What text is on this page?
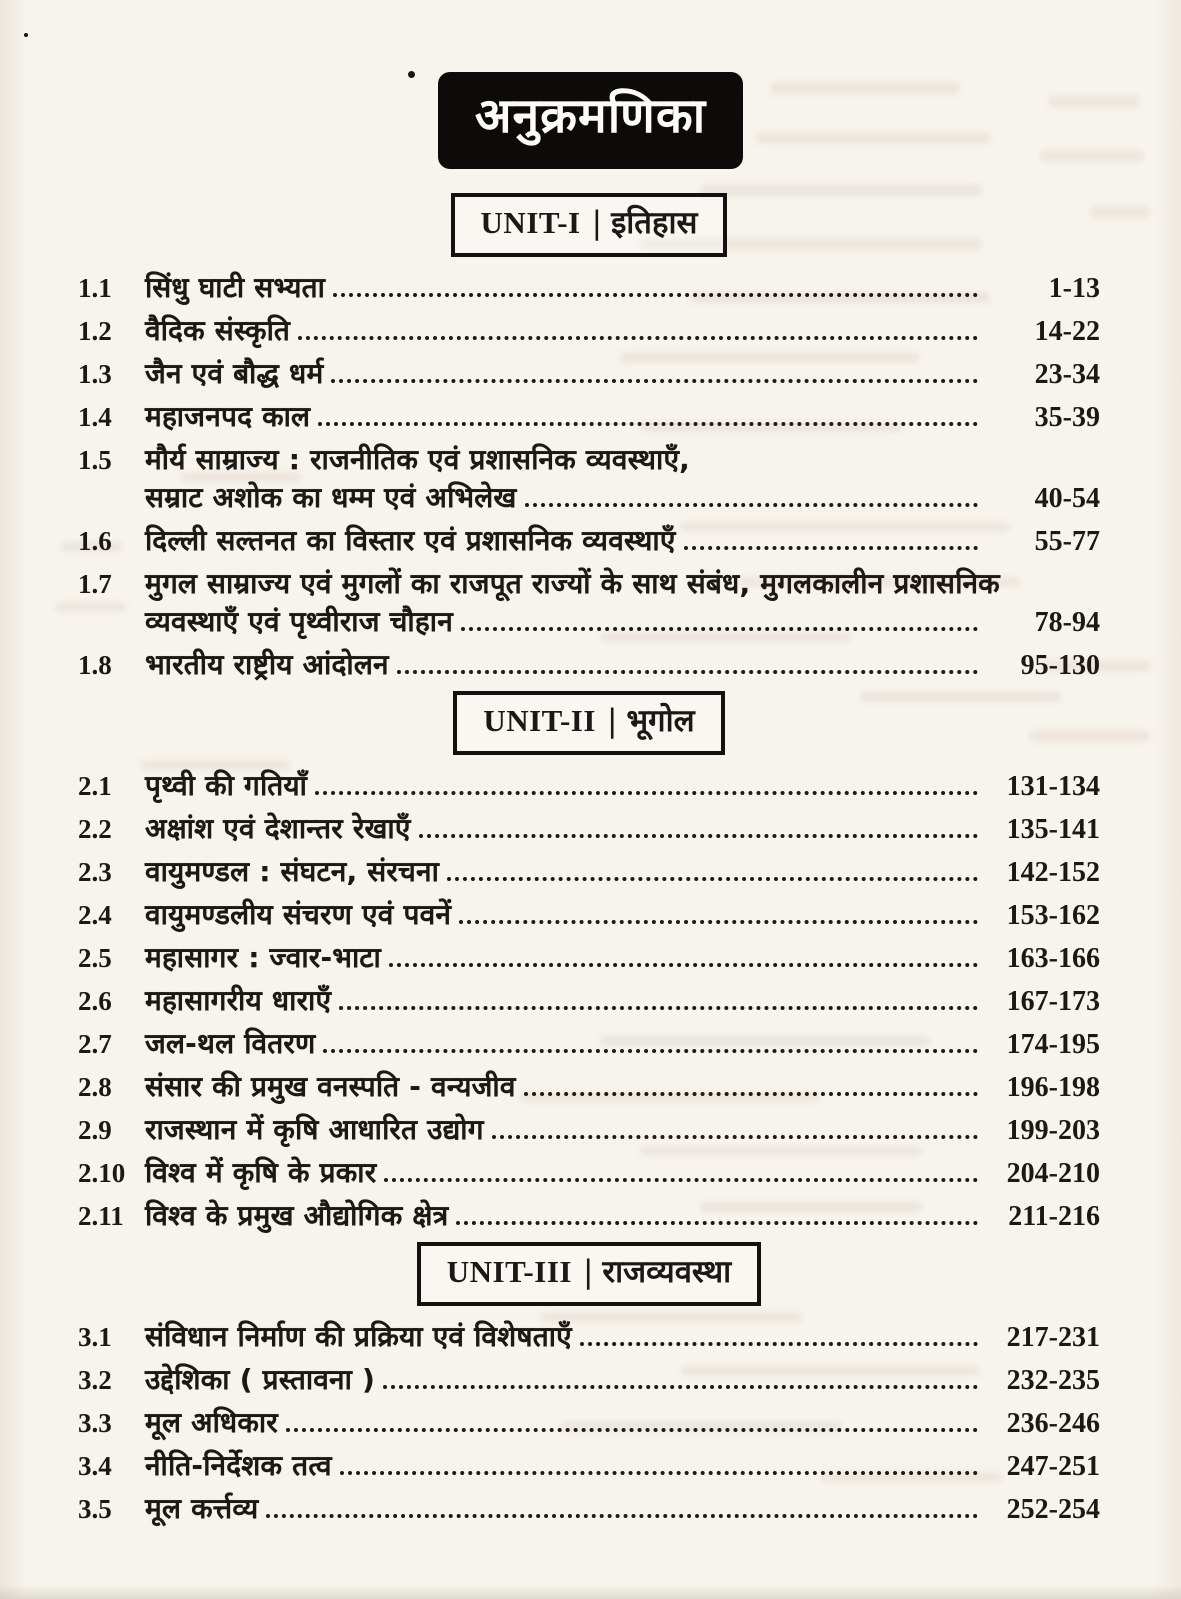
अनुक्रमणिका
UNIT-I | इतिहास
1.1	सिंधु घाटी सभ्यता	1-13
1.2	वैदिक संस्कृति	14-22
1.3	जैन एवं बौद्ध धर्म	23-34
1.4	महाजनपद काल	35-39
1.5	मौर्य साम्राज्य : राजनीतिक एवं प्रशासनिक व्यवस्थाएँ,
सम्राट अशोक का धम्म एवं अभिलेख	40-54
1.6	दिल्ली सल्तनत का विस्तार एवं प्रशासनिक व्यवस्थाएँ	55-77
1.7	मुगल साम्राज्य एवं मुगलों का राजपूत राज्यों के साथ संबंध, मुगलकालीन प्रशासनिक
व्यवस्थाएँ एवं पृथ्वीराज चौहान	78-94
1.8	भारतीय राष्ट्रीय आंदोलन	95-130
UNIT-II | भूगोल
2.1	पृथ्वी की गतियाँ	131-134
2.2	अक्षांश एवं देशान्तर रेखाएँ	135-141
2.3	वायुमण्डल : संघटन, संरचना	142-152
2.4	वायुमण्डलीय संचरण एवं पवनें	153-162
2.5	महासागर : ज्वार-भाटा	163-166
2.6	महासागरीय धाराएँ	167-173
2.7	जल-थल वितरण	174-195
2.8	संसार की प्रमुख वनस्पति - वन्यजीव	196-198
2.9	राजस्थान में कृषि आधारित उद्योग	199-203
2.10 विश्व में कृषि के प्रकार	204-210
2.11 विश्व के प्रमुख औद्योगिक क्षेत्र	211-216
UNIT-III | राजव्यवस्था
3.1	संविधान निर्माण की प्रक्रिया एवं विशेषताएँ	217-231
3.2	उद्देशिका ( प्रस्तावना )	232-235
3.3	मूल अधिकार	236-246
3.4	नीति-निर्देशक तत्व	247-251
3.5	मूल कर्त्तव्य	252-254
